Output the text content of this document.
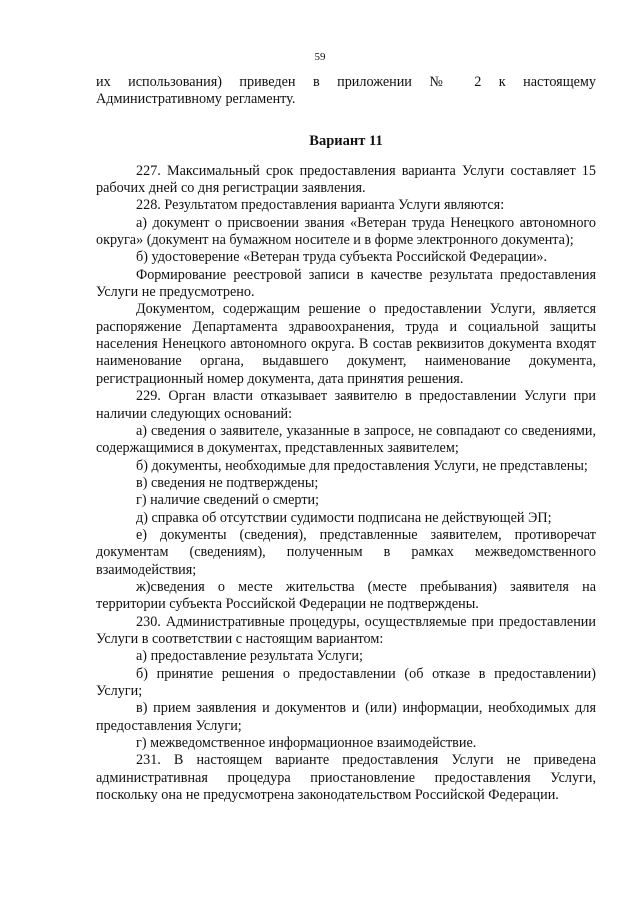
59

их использования) приведен в приложении № 2 к настоящему Административному регламенту.

Вариант 11

227. Максимальный срок предоставления варианта Услуги составляет 15 рабочих дней со дня регистрации заявления.

228. Результатом предоставления варианта Услуги являются:

а) документ о присвоении звания «Ветеран труда Ненецкого автономного округа» (документ на бумажном носителе и в форме электронного документа);

б) удостоверение «Ветеран труда субъекта Российской Федерации».

Формирование реестровой записи в качестве результата предоставления Услуги не предусмотрено.

Документом, содержащим решение о предоставлении Услуги, является распоряжение Департамента здравоохранения, труда и социальной защиты населения Ненецкого автономного округа. В состав реквизитов документа входят наименование органа, выдавшего документ, наименование документа, регистрационный номер документа, дата принятия решения.

229. Орган власти отказывает заявителю в предоставлении Услуги при наличии следующих оснований:

а) сведения о заявителе, указанные в запросе, не совпадают со сведениями, содержащимися в документах, представленных заявителем;

б) документы, необходимые для предоставления Услуги, не представлены;

в) сведения не подтверждены;

г) наличие сведений о смерти;

д) справка об отсутствии судимости подписана не действующей ЭП;

е) документы (сведения), представленные заявителем, противоречат документам (сведениям), полученным в рамках межведомственного взаимодействия;

ж)сведения о месте жительства (месте пребывания) заявителя на территории субъекта Российской Федерации не подтверждены.

230. Административные процедуры, осуществляемые при предоставлении Услуги в соответствии с настоящим вариантом:

а) предоставление результата Услуги;

б) принятие решения о предоставлении (об отказе в предоставлении) Услуги;

в) прием заявления и документов и (или) информации, необходимых для предоставления Услуги;

г) межведомственное информационное взаимодействие.

231. В настоящем варианте предоставления Услуги не приведена административная процедура приостановление предоставления Услуги, поскольку она не предусмотрена законодательством Российской Федерации.
